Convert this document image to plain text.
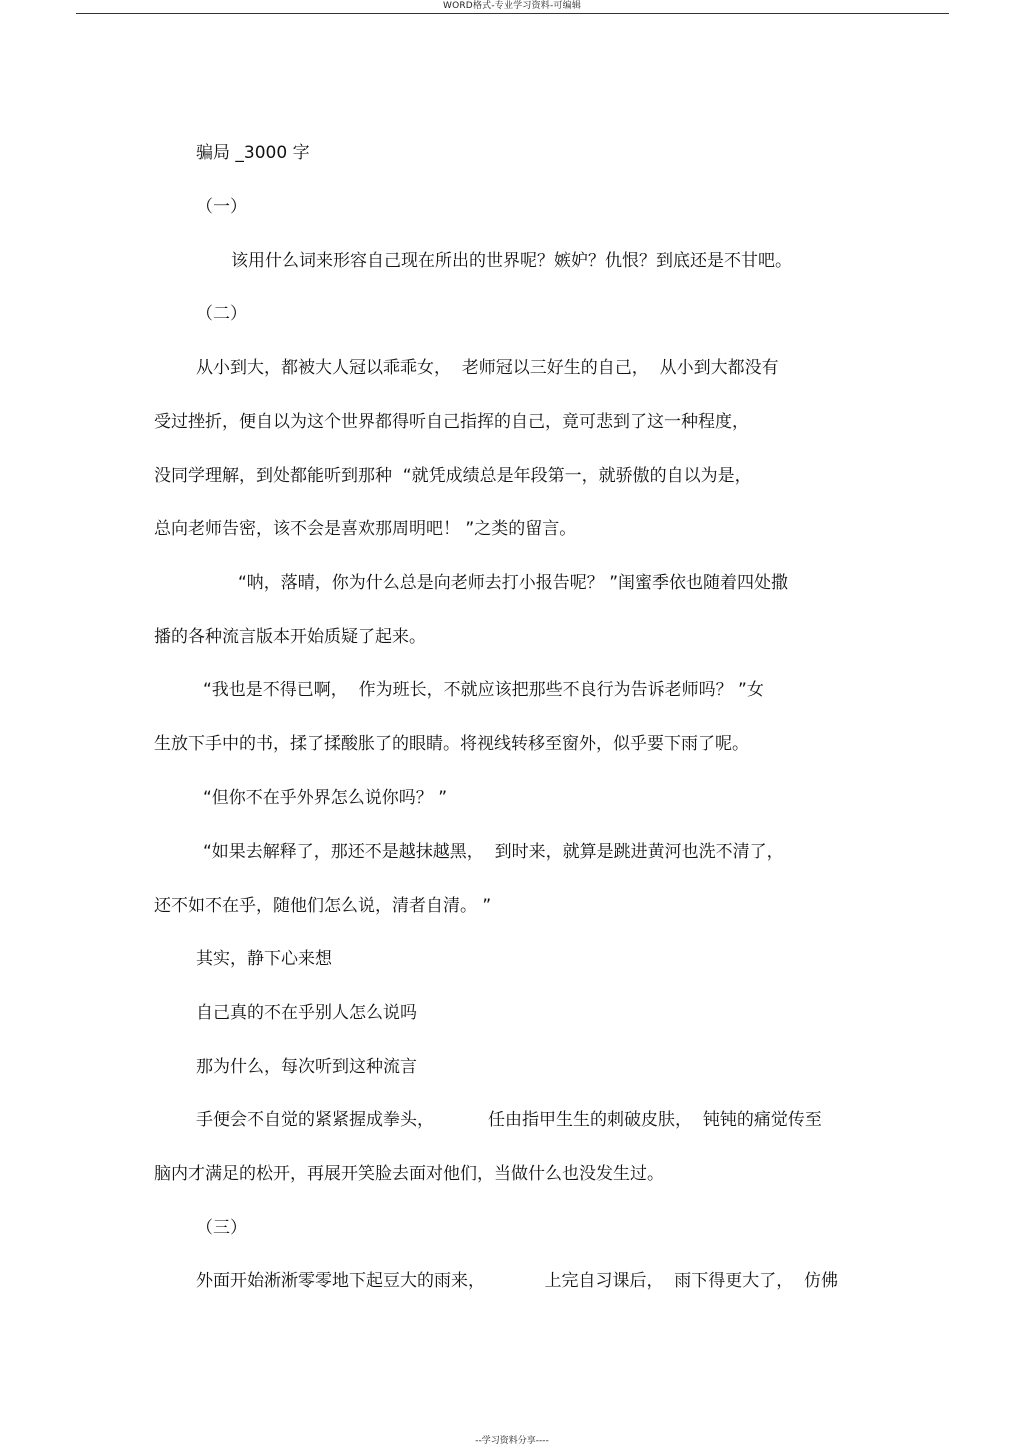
WORD格式-专业学习资料-可编辑
骗局 _3000 字
（一）
该用什么词来形容自己现在所出的世界呢？嫉妒？仇恨？到底还是不甘吧。
（二）
从小到大，都被大人冠以乖乖女，  老师冠以三好生的自己，  从小到大都没有
受过挫折，便自以为这个世界都得听自己指挥的自己，竟可悲到了这一种程度，
没同学理解，到处都能听到那种  “就凭成绩总是年段第一，就骄傲的自以为是，
总向老师告密，该不会是喜欢那周明吧！ ”之类的留言。
“呐，落晴，你为什么总是向老师去打小报告呢？ ”闺蜜季依也随着四处撒
播的各种流言版本开始质疑了起来。
“我也是不得已啊，  作为班长，不就应该把那些不良行为告诉老师吗？ ”女
生放下手中的书，揉了揉酸胀了的眼睛。将视线转移至窗外，似乎要下雨了呢。
“但你不在乎外界怎么说你吗？ ”
“如果去解释了，那还不是越抹越黑，  到时来，就算是跳进黄河也洗不清了，
还不如不在乎，随他们怎么说，清者自清。 ”
其实，静下心来想
自己真的不在乎别人怎么说吗
那为什么，每次听到这种流言
手便会不自觉的紧紧握成拳头，          任由指甲生生的刺破皮肤，  钝钝的痛觉传至
脑内才满足的松开，再展开笑脸去面对他们，当做什么也没发生过。
（三）
外面开始淅淅零零地下起豆大的雨来，           上完自习课后，  雨下得更大了，  仿佛
--学习资料分享----
